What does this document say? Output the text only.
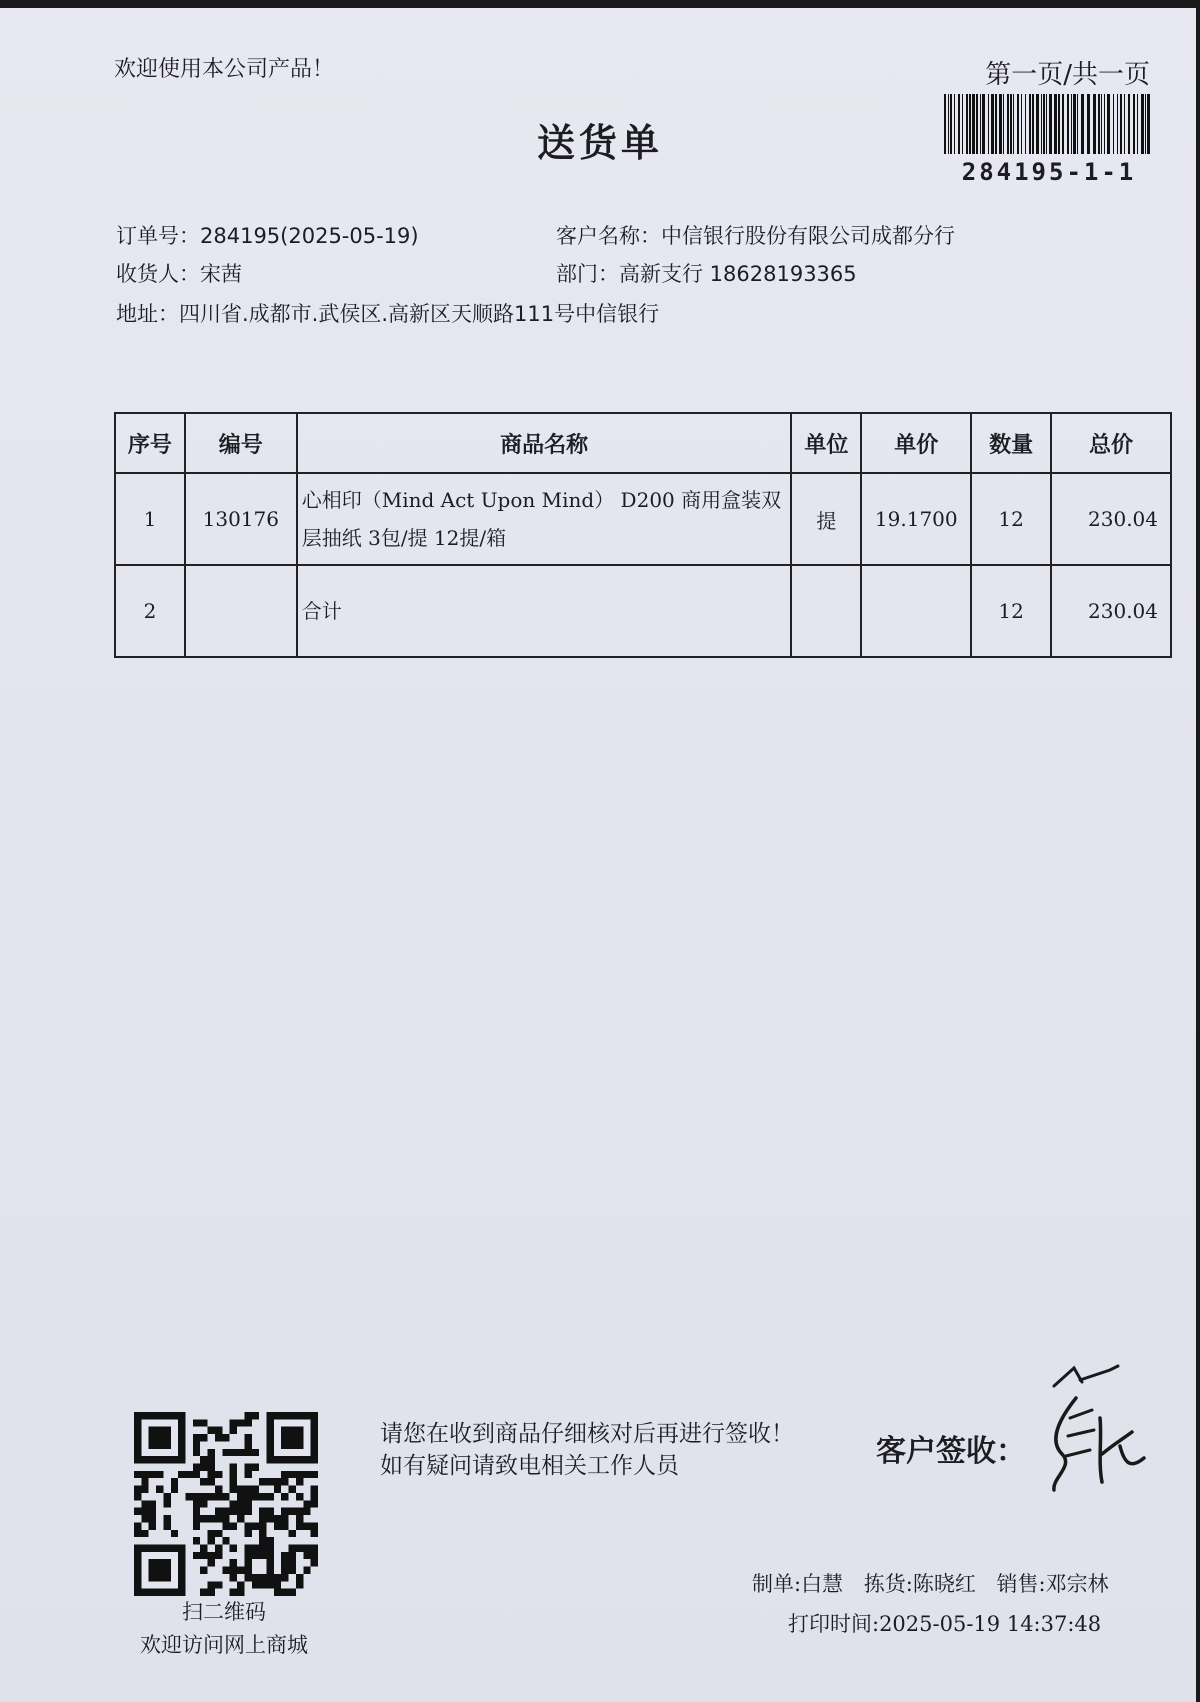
欢迎使用本公司产品！	第一页/共一页
送货单
284195-1-1
订单号：284195(2025-05-19)	客户名称：中信银行股份有限公司成都分行
收货人：宋茜	部门：高新支行 18628193365
地址：四川省.成都市.武侯区.高新区天顺路111号中信银行
序号	编号	商品名称	单位	单价	数量	总价
1	130176	心相印（Mind Act Upon Mind） D200 商用盒装双层抽纸 3包/提 12提/箱	提	19.1700	12	230.04
2		合计			12	230.04
扫二维码
欢迎访问网上商城
请您在收到商品仔细核对后再进行签收！如有疑问请致电相关工作人员	客户签收：
制单:白慧 拣货:陈晓红 销售:邓宗林
打印时间:2025-05-19 14:37:48
